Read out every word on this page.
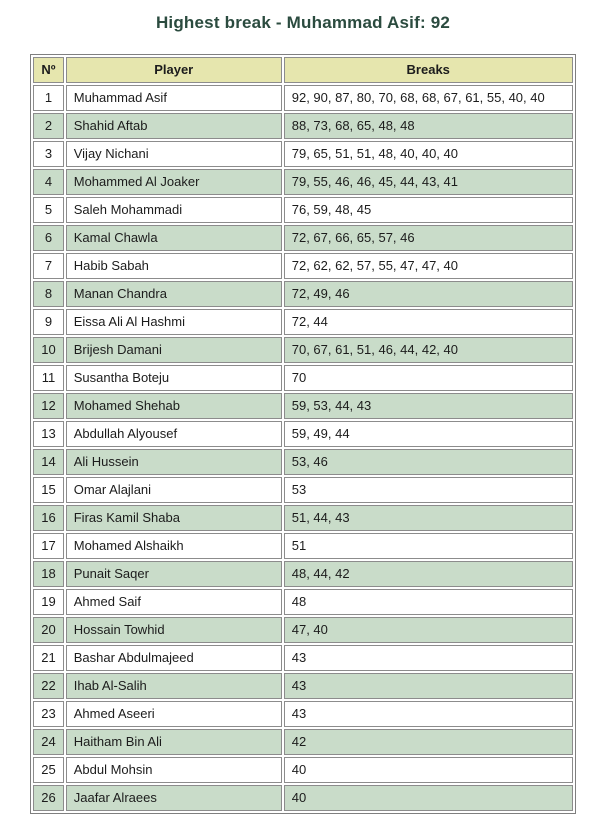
Highest break - Muhammad Asif: 92
Nº	Player	Breaks
1	Muhammad Asif	92, 90, 87, 80, 70, 68, 68, 67, 61, 55, 40, 40
2	Shahid Aftab	88, 73, 68, 65, 48, 48
3	Vijay Nichani	79, 65, 51, 51, 48, 40, 40, 40
4	Mohammed Al Joaker	79, 55, 46, 46, 45, 44, 43, 41
5	Saleh Mohammadi	76, 59, 48, 45
6	Kamal Chawla	72, 67, 66, 65, 57, 46
7	Habib Sabah	72, 62, 62, 57, 55, 47, 47, 40
8	Manan Chandra	72, 49, 46
9	Eissa Ali Al Hashmi	72, 44
10	Brijesh Damani	70, 67, 61, 51, 46, 44, 42, 40
11	Susantha Boteju	70
12	Mohamed Shehab	59, 53, 44, 43
13	Abdullah Alyousef	59, 49, 44
14	Ali Hussein	53, 46
15	Omar Alajlani	53
16	Firas Kamil Shaba	51, 44, 43
17	Mohamed Alshaikh	51
18	Punait Saqer	48, 44, 42
19	Ahmed Saif	48
20	Hossain Towhid	47, 40
21	Bashar Abdulmajeed	43
22	Ihab Al-Salih	43
23	Ahmed Aseeri	43
24	Haitham Bin Ali	42
25	Abdul Mohsin	40
26	Jaafar Alraees	40
